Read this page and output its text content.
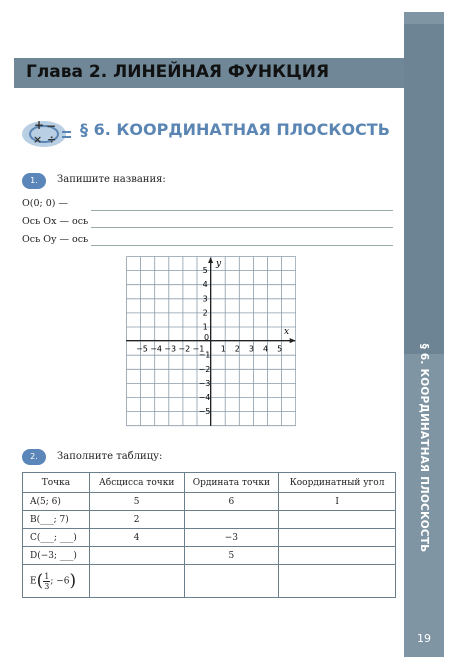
§ 6. КООРДИНАТНАЯ ПЛОСКОСТЬ
19
Глава 2. ЛИНЕЙНАЯ ФУНКЦИЯ
+ −
× ÷
§ 6. КООРДИНАТНАЯ ПЛОСКОСТЬ
1.	Запишите названия:
O(0; 0) —
Ось Ox — ось
Ось Oy — ось
x
y
0
−5 −4 −3 −2 −1 1 2 3 4 5
5
4
3
2
1
−1
−2
−3
−4
−5
2.	Заполните таблицу:
Точка	Абсцисса точки	Ордината точки	Координатный угол
A(5; 6)	5	6	I
B(___; 7)	2		
C(___; ___)	4	−3	
D(−3; ___)		5	
$E( \frac{1}{3}$ ; −6)			
